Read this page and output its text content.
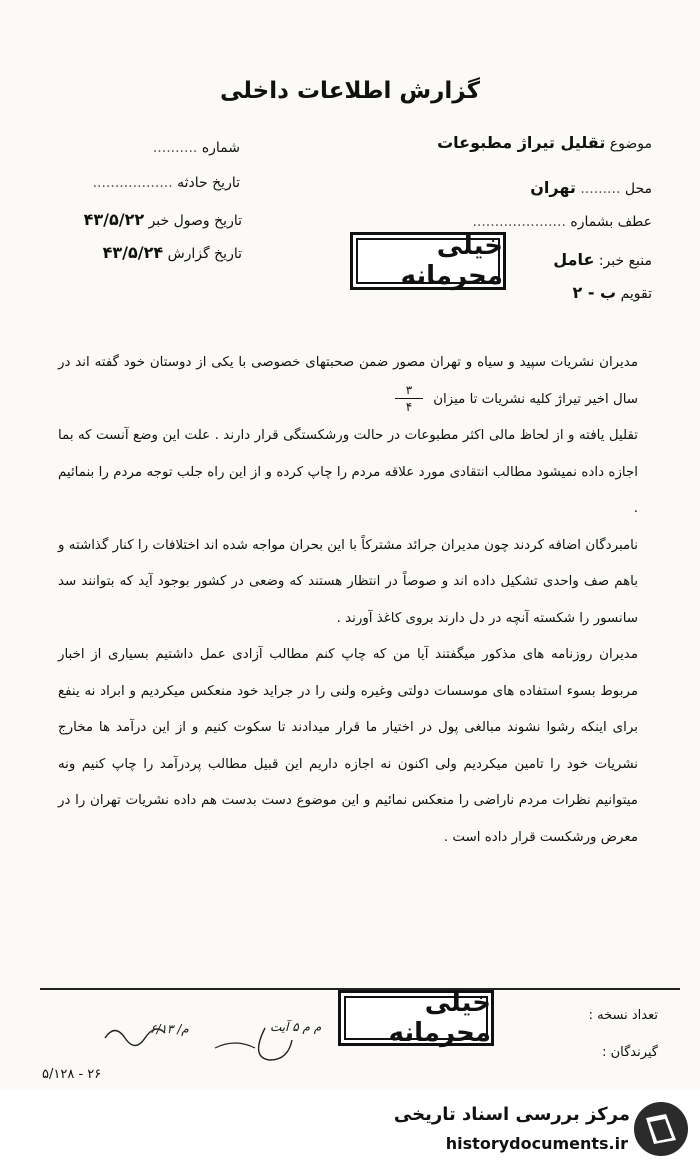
گزارش اطلاعات داخلی
موضوع تقلیل تیراژ مطبوعات
محل ......... تهران
عطف بشماره .....................
منبع خبر: عامل
تقویم ب - ۲
شماره ..........
تاریخ حادثه ..................
تاریخ وصول خبر ۴۳/۵/۲۲
تاریخ گزارش ۴۳/۵/۲۴	خیلی محرمانه

مدیران نشریات سپید و سیاه و تهران مصور ضمن صحبتهای خصوصی با یکی از دوستان خود گفته اند در سال اخیر تیراژ کلیه نشریات تا میزان
$\frac{۳}{۴}$

تقلیل یافته و از لحاظ مالی اکثر مطبوعات در حالت ورشکستگی قرار دارند . علت این وضع آنست که بما اجازه داده نمیشود مطالب انتقادی مورد علاقه مردم را چاپ کرده و از این راه جلب توجه مردم را بنمائیم .

نامبردگان اضافه کردند چون مدیران جرائد مشترکاً با این بحران مواجه شده اند اختلافات را کنار گذاشته و باهم صف واحدی تشکیل داده اند و صوصاً در انتظار هستند که وضعی در کشور بوجود آید که بتوانند سد سانسور را شکسته آنچه در دل دارند بروی کاغذ آورند .

مدیران روزنامه های مذکور میگفتند آیا من که چاپ کنم مطالب آزادی عمل داشتیم بسیاری از اخبار مربوط بسوء استفاده های موسسات دولتی وغیره ولنی را در جراید خود منعکس میکردیم و ابراد نه ینفع برای اینکه رشوا نشوند مبالغی پول در اختیار ما قرار میدادند تا سکوت کنیم و از این درآمد ها مخارج نشریات خود را تامین میکردیم ولی اکنون نه اجازه داریم این قبیل مطالب پردرآمد را چاپ کنیم ونه میتوانیم نظرات مردم ناراضی را منعکس نمائیم و این موضوع دست بدست هم داده نشریات تهران را در معرض ورشکست قرار داده است .

خیلی محرمانه
تعداد نسخه :
گیرندگان :
م م ۵ آیت
م/ ۶/۱۳
۲۶ - ۵/۱۲۸
مرکز بررسی اسناد تاریخی
historydocuments.ir
